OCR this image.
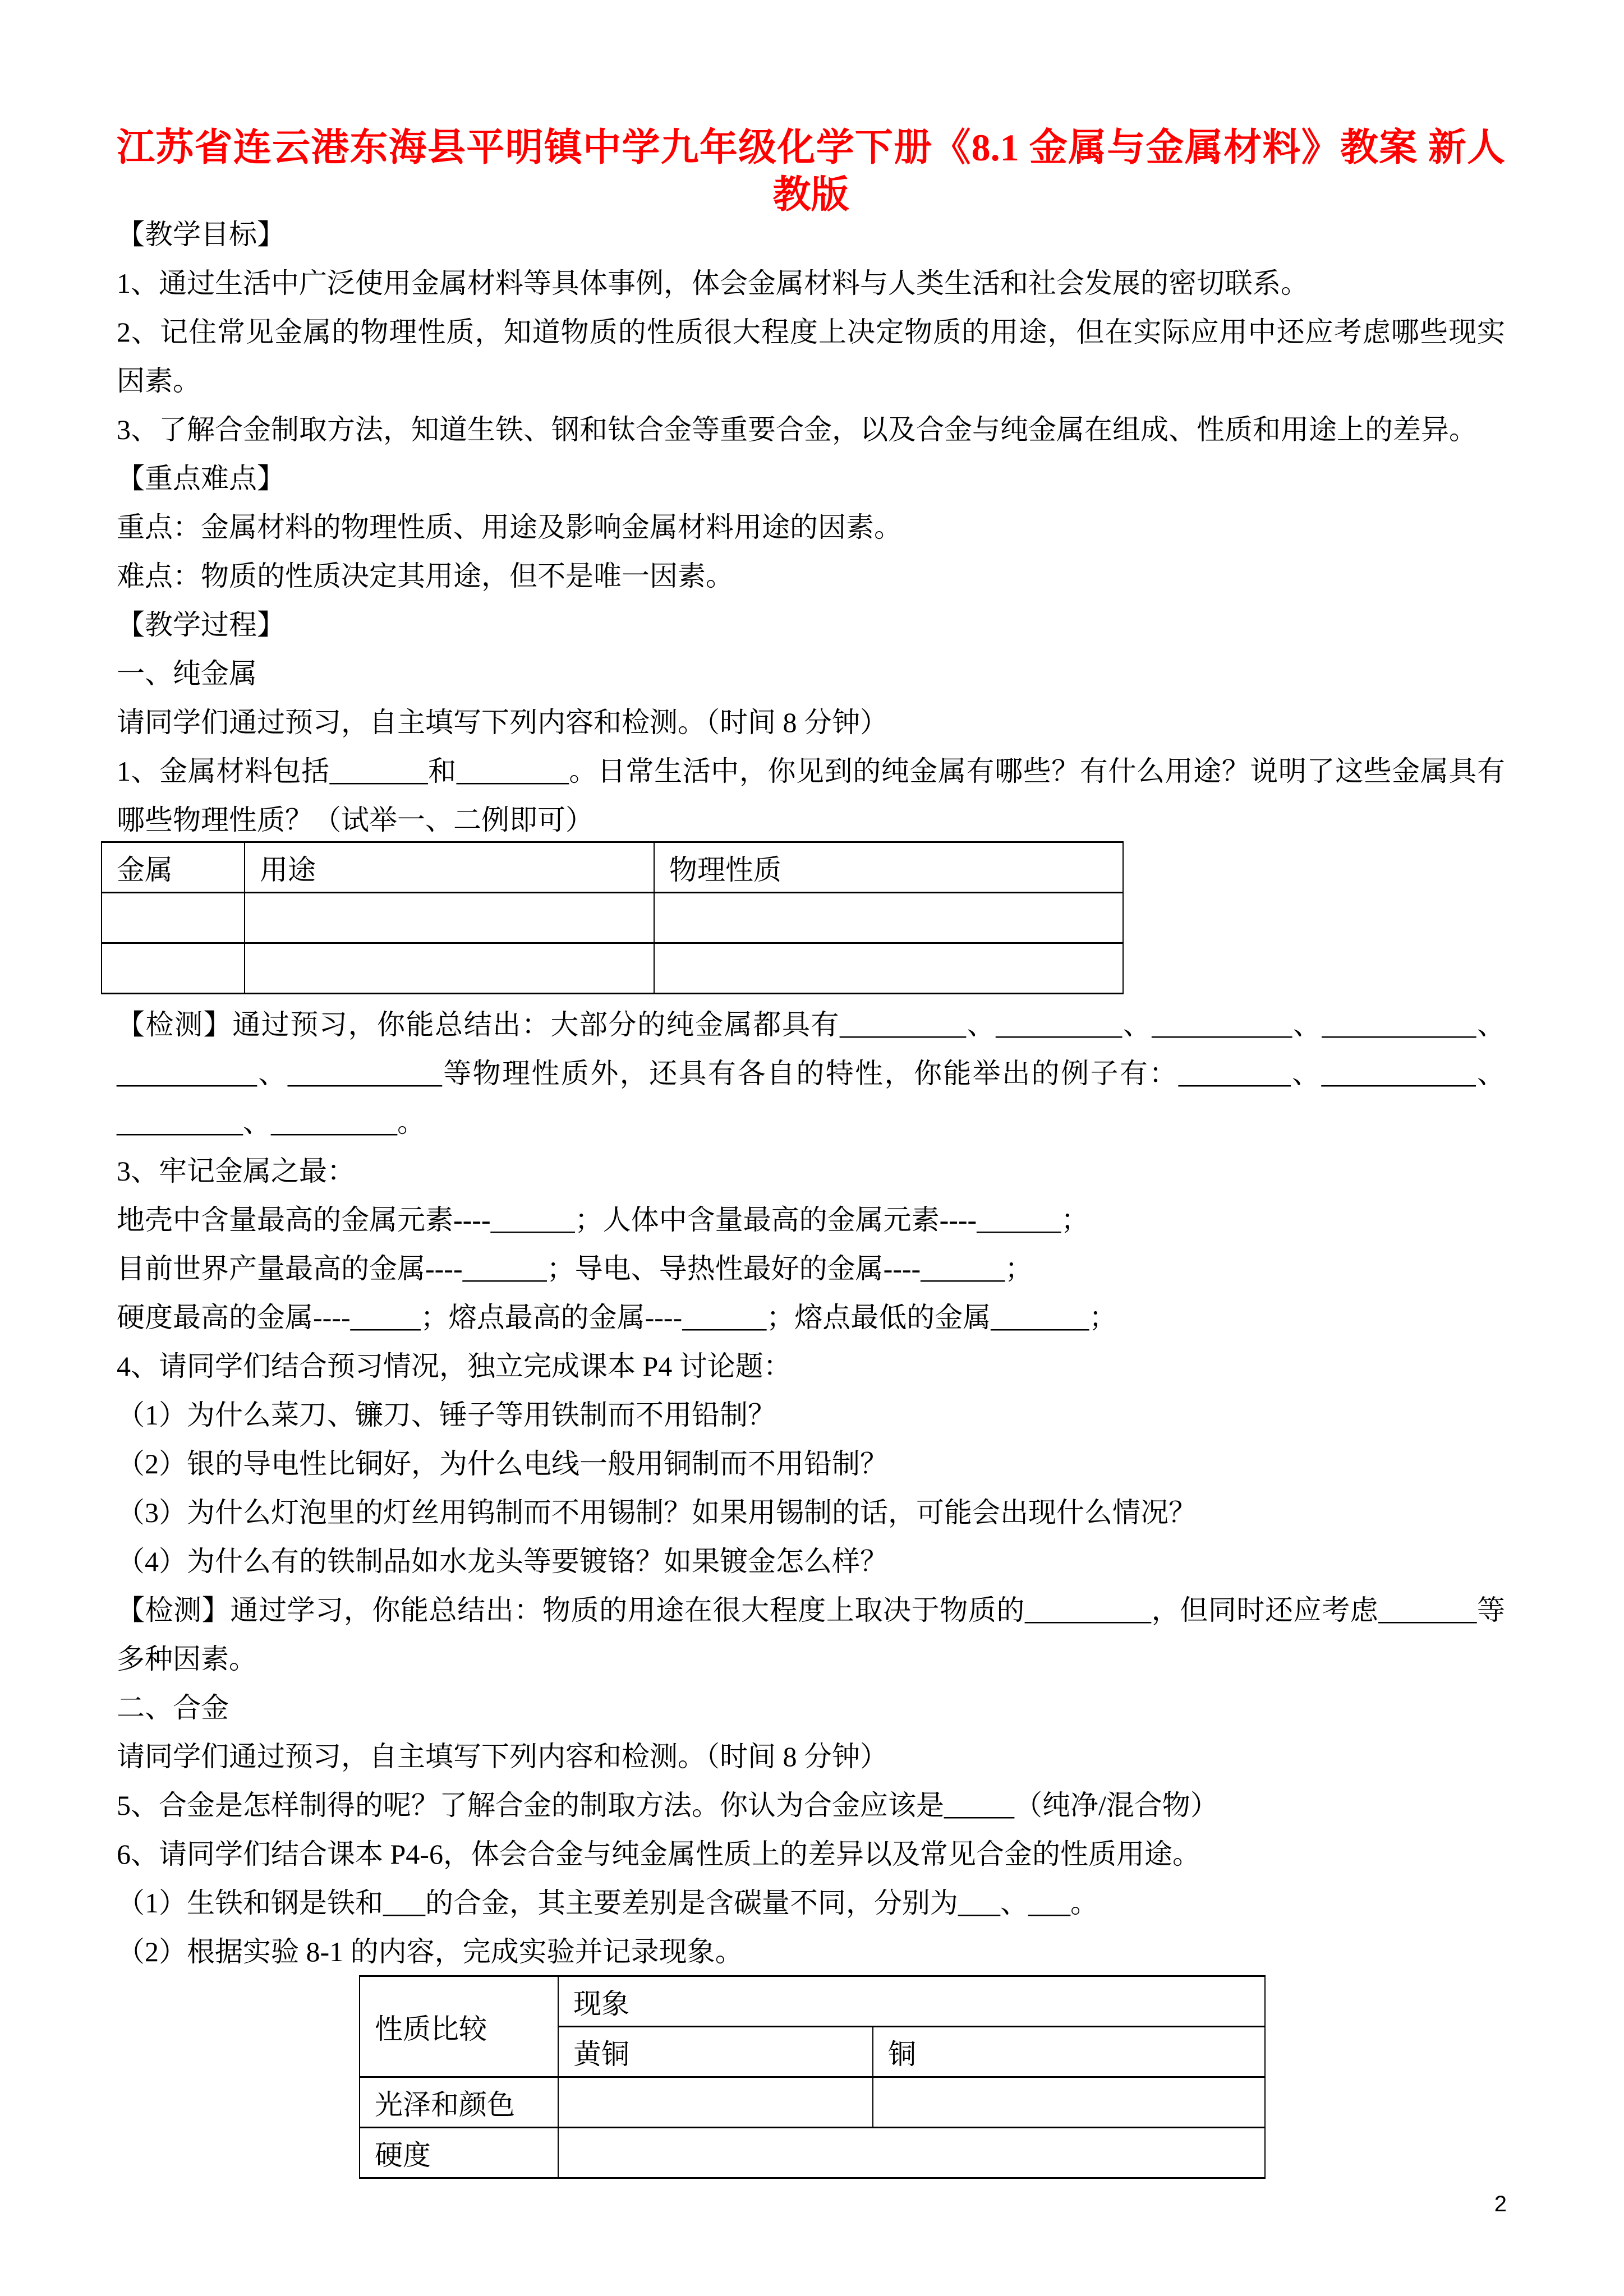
江苏省连云港东海县平明镇中学九年级化学下册《8.1 金属与金属材料》教案 新人
教版
【教学目标】
1、通过生活中广泛使用金属材料等具体事例，体会金属材料与人类生活和社会发展的密切联系。
2、记住常见金属的物理性质，知道物质的性质很大程度上决定物质的用途，但在实际应用中还应考虑哪些现实
因素。
3、了解合金制取方法，知道生铁、钢和钛合金等重要合金，以及合金与纯金属在组成、性质和用途上的差异。
【重点难点】
重点：金属材料的物理性质、用途及影响金属材料用途的因素。
难点：物质的性质决定其用途，但不是唯一因素。
【教学过程】
一、纯金属
请同学们通过预习，自主填写下列内容和检测。（时间 8 分钟）
1、金属材料包括_______和________。日常生活中，你见到的纯金属有哪些？有什么用途？说明了这些金属具有
哪些物理性质？（试举一、二例即可）
金属	用途	物理性质

【检测】通过预习，你能总结出：大部分的纯金属都具有_________、_________、__________、___________、
__________、___________等物理性质外，还具有各自的特性，你能举出的例子有：________、___________、
_________、_________。
3、牢记金属之最：
地壳中含量最高的金属元素----______；人体中含量最高的金属元素----______；
目前世界产量最高的金属----______；导电、导热性最好的金属----______；
硬度最高的金属----_____；熔点最高的金属----______；熔点最低的金属_______；
4、请同学们结合预习情况，独立完成课本 P4 讨论题：
（1）为什么菜刀、镰刀、锤子等用铁制而不用铅制？
（2）银的导电性比铜好，为什么电线一般用铜制而不用铅制？
（3）为什么灯泡里的灯丝用钨制而不用锡制？如果用锡制的话，可能会出现什么情况？
（4）为什么有的铁制品如水龙头等要镀铬？如果镀金怎么样？
【检测】通过学习，你能总结出：物质的用途在很大程度上取决于物质的_________，但同时还应考虑_______等
多种因素。
二、合金
请同学们通过预习，自主填写下列内容和检测。（时间 8 分钟）
5、合金是怎样制得的呢？了解合金的制取方法。你认为合金应该是_____（纯净/混合物）
6、请同学们结合课本 P4-6，体会合金与纯金属性质上的差异以及常见合金的性质用途。
（1）生铁和钢是铁和___的合金，其主要差别是含碳量不同，分别为___、___。
（2）根据实验 8-1 的内容，完成实验并记录现象。
性质比较	现象	
	黄铜	铜
光泽和颜色		
硬度		
2
